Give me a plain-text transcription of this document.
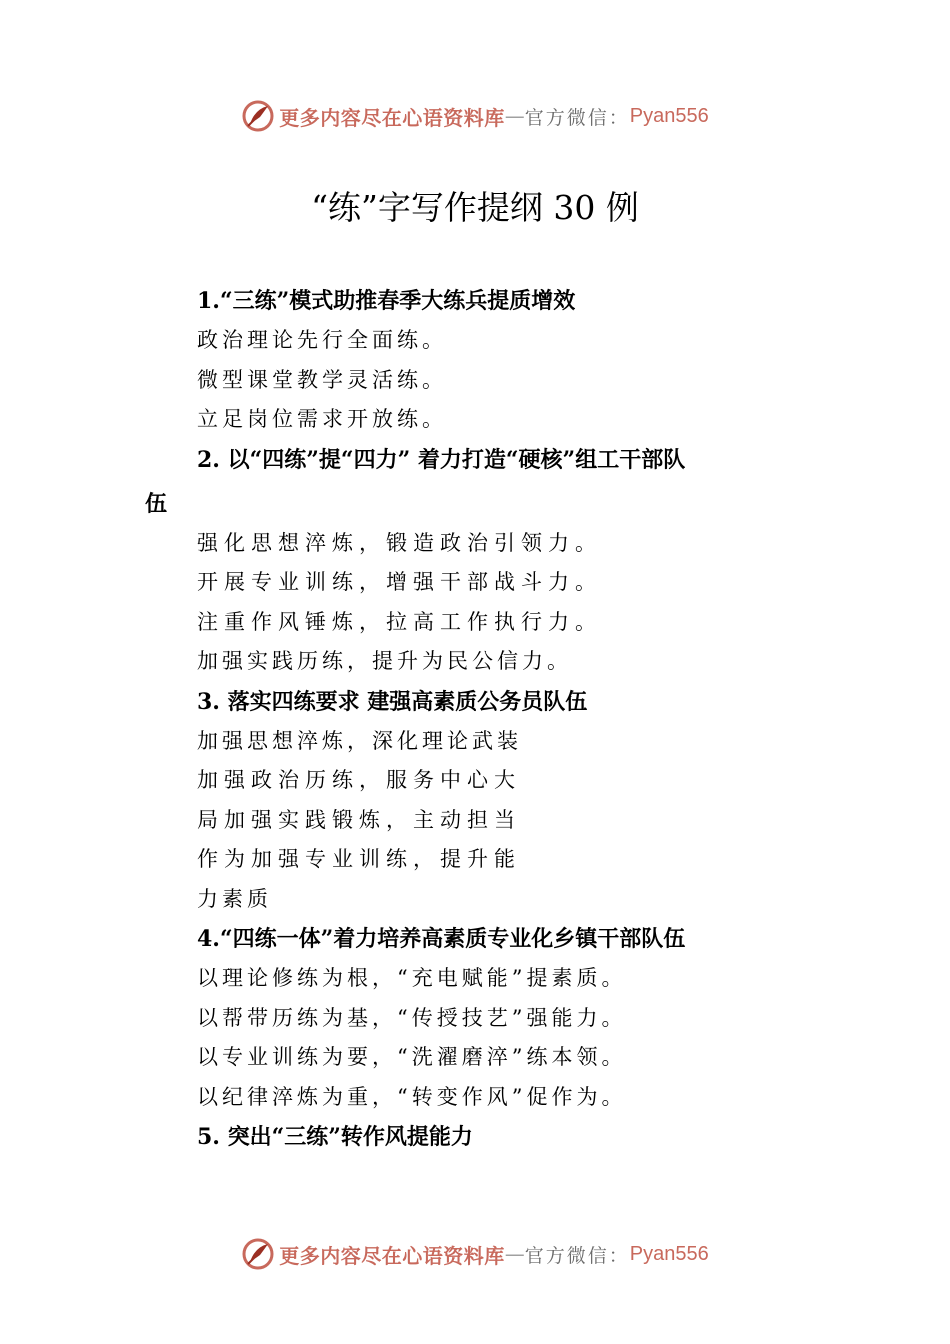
更多内容尽在心语资料库 — 官方微信： Pyan556
“练”字写作提纲 30 例
1.“三练”模式助推春季大练兵提质增效
政治理论先行全面练。
微型课堂教学灵活练。
立足岗位需求开放练。
2. 以“四练”提“四力” 着力打造“硬核”组工干部队
伍
强化思想淬炼，锻造政治引领力。
开展专业训练，增强干部战斗力。
注重作风锤炼，拉高工作执行力。
加强实践历练，提升为民公信力。
3. 落实四练要求 建强高素质公务员队伍
加强思想淬炼，深化理论武装
加强政治历练，服务中心大
局加强实践锻炼，主动担当
作为加强专业训练，提升能
力素质
4.“四练一体”着力培养高素质专业化乡镇干部队伍
以理论修练为根，“充电赋能”提素质。
以帮带历练为基，“传授技艺”强能力。
以专业训练为要，“洗濯磨淬”练本领。
以纪律淬炼为重，“转变作风”促作为。
5. 突出“三练”转作风提能力
更多内容尽在心语资料库 — 官方微信： Pyan556
